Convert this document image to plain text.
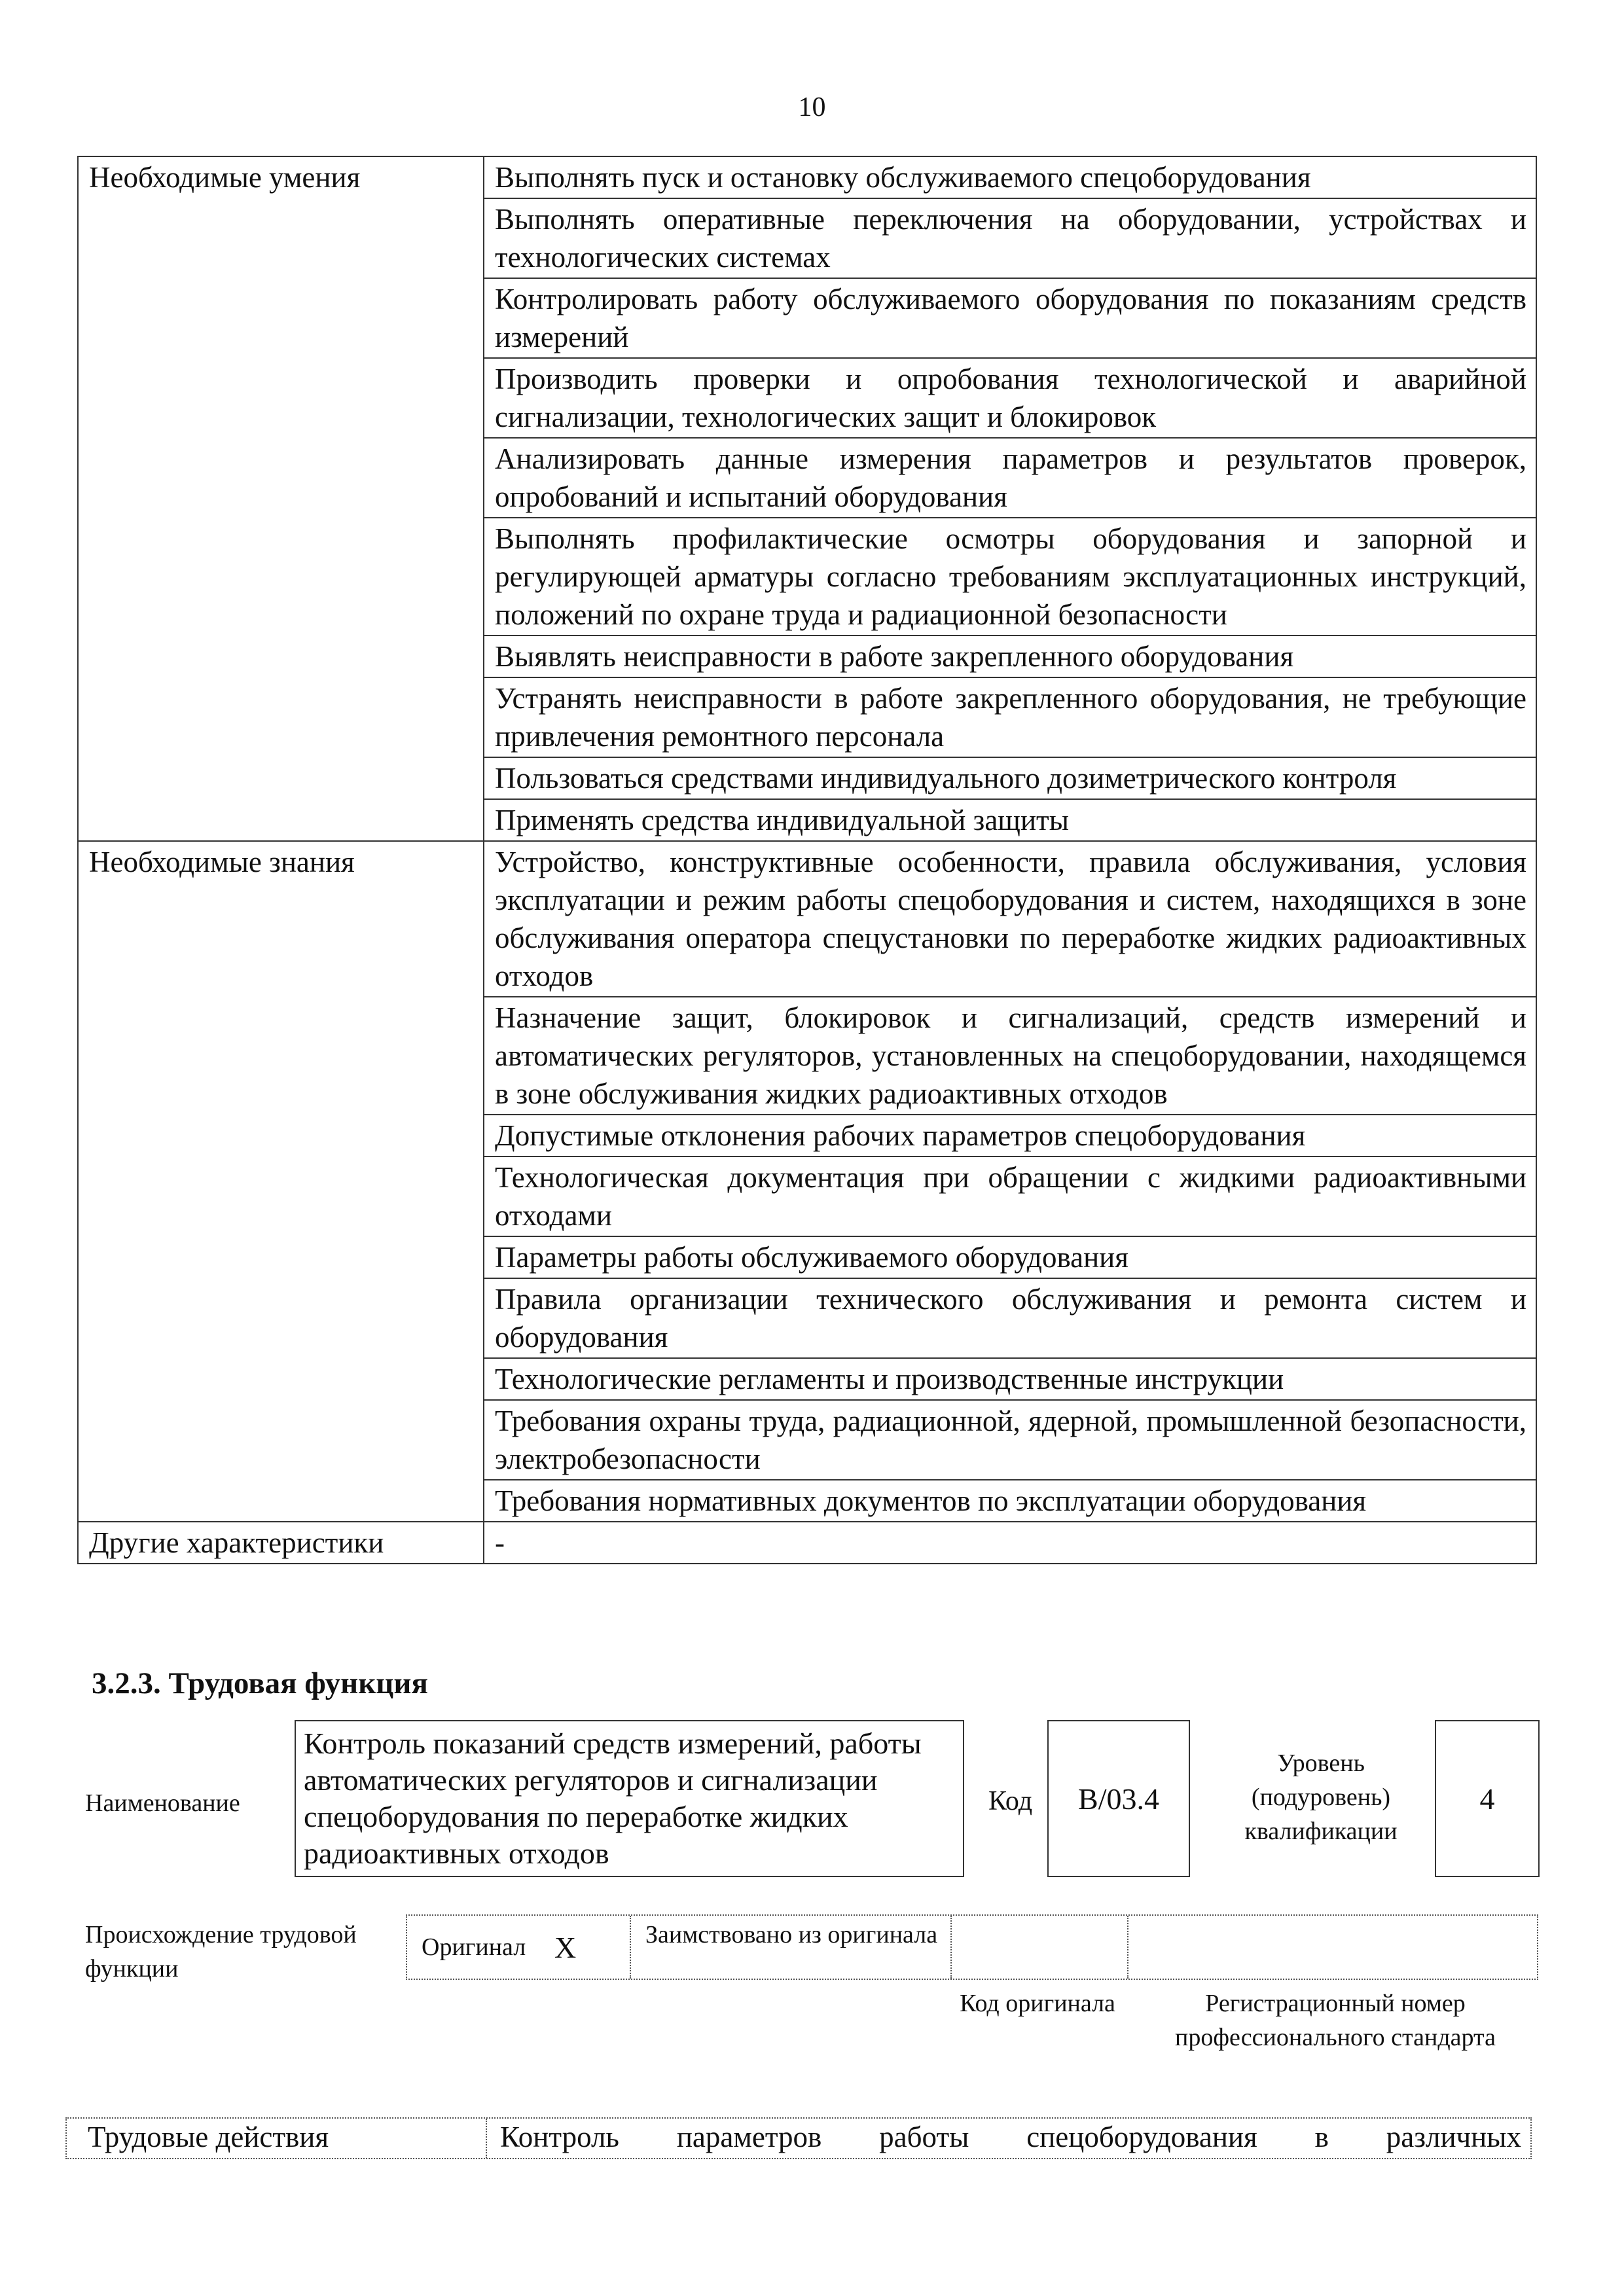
10
Необходимые умения	Выполнять пуск и остановку обслуживаемого спецоборудования
	Выполнять оперативные переключения на оборудовании, устройствах и технологических системах
	Контролировать работу обслуживаемого оборудования по показаниям средств измерений
	Производить проверки и опробования технологической и аварийной сигнализации, технологических защит и блокировок
	Анализировать данные измерения параметров и результатов проверок, опробований и испытаний оборудования
	Выполнять профилактические осмотры оборудования и запорной и регулирующей арматуры согласно требованиям эксплуатационных инструкций, положений по охране труда и радиационной безопасности
	Выявлять неисправности в работе закрепленного оборудования
	Устранять неисправности в работе закрепленного оборудования, не требующие привлечения ремонтного персонала
	Пользоваться средствами индивидуального дозиметрического контроля
	Применять средства индивидуальной защиты
Необходимые знания	Устройство, конструктивные особенности, правила обслуживания, условия эксплуатации и режим работы спецоборудования и систем, находящихся в зоне обслуживания оператора спецустановки по переработке жидких радиоактивных отходов
	Назначение защит, блокировок и сигнализаций, средств измерений и автоматических регуляторов, установленных на спецоборудовании, находящемся в зоне обслуживания жидких радиоактивных отходов
	Допустимые отклонения рабочих параметров спецоборудования
	Технологическая документация при обращении с жидкими радиоактивными отходами
	Параметры работы обслуживаемого оборудования
	Правила организации технического обслуживания и ремонта систем и оборудования
	Технологические регламенты и производственные инструкции
	Требования охраны труда, радиационной, ядерной, промышленной безопасности, электробезопасности
	Требования нормативных документов по эксплуатации оборудования
Другие характеристики	-
3.2.3. Трудовая функция
Наименование
Контроль показаний средств измерений, работы автоматических регуляторов и сигнализации спецоборудования по переработке жидких радиоактивных отходов
Код	B/03.4
Уровень (подуровень) квалификации
4
Происхождение трудовой функции
Оригинал X	Заимствовано из оригинала
Код оригинала	Регистрационный номер профессионального стандарта
Трудовые действия	Контроль параметров работы спецоборудования в различных
